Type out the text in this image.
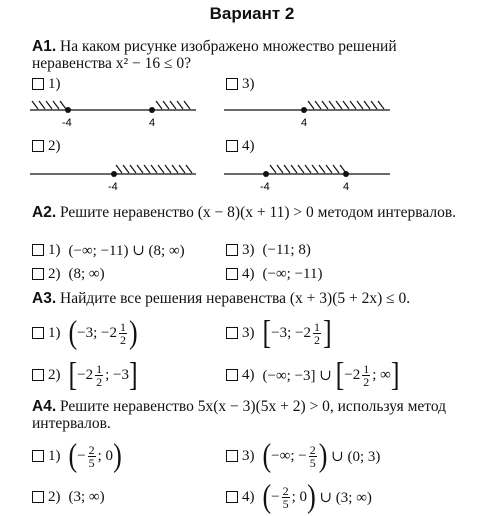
Вариант 2
А1. На каком рисунке изображено множество решений неравенства x² − 16 ≤ 0?
1)	3)
-4	4	4
2)	4)
-4	-4	4
А2. Решите неравенство (x − 8)(x + 11) > 0 методом интервалов.
1) (−∞; −11) ∪ (8; ∞)	3) (−11; 8)
2) (8; ∞)	4) (−∞; −11)
А3. Найдите все решения неравенства (x + 3)(5 + 2x) ≤ 0.
1) ( −3; $-2 \frac{1}{2}$ )	3) [ −3; $-2 \frac{1}{2}$ ]
2) [ $-2 \frac{1}{2}$ ; −3 ]	4) (−∞; −3] ∪
[ $-2 \frac{1}{2}$ ; ∞ ]
А4. Решите неравенство 5x(x − 3)(5x + 2) > 0, используя метод интервалов.
1) ( − $\frac{2}{5}$ ; 0 )	3) ( −∞; − $\frac{2}{5}$ )
∪ (0; 3)
2) (3; ∞)	4) ( − $\frac{2}{5}$ ; 0 )
∪ (3; ∞)
